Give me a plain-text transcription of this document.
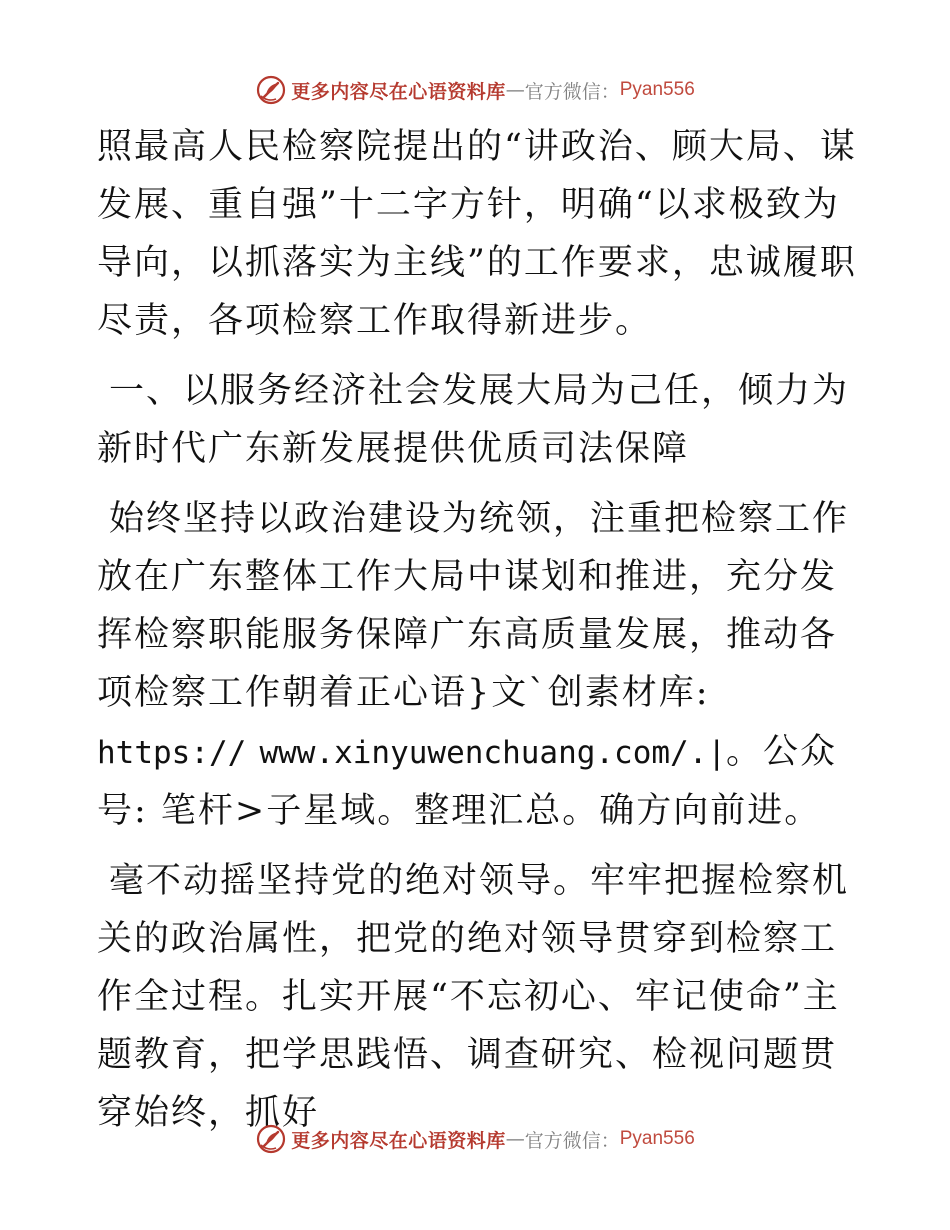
更多内容尽在心语资料库 — 官方微信： Pyan556

照最高人民检察院提出的“讲政治、顾大局、谋发展、重自强”十二字方针，明确“以求极致为导向，以抓落实为主线”的工作要求，忠诚履职尽责，各项检察工作取得新进步。

一、以服务经济社会发展大局为己任，倾力为新时代广东新发展提供优质司法保障

始终坚持以政治建设为统领，注重把检察工作放在广东整体工作大局中谋划和推进，充分发挥检察职能服务保障广东高质量发展，推动各项检察工作朝着正心语}文`创素材库: https:// www.xinyuwenchuang.com/.|。公众号: 笔杆>子星域。整理汇总。确方向前进。

毫不动摇坚持党的绝对领导。牢牢把握检察机关的政治属性，把党的绝对领导贯穿到检察工作全过程。扎实开展“不忘初心、牢记使命”主题教育，把学思践悟、调查研究、检视问题贯穿始终，抓好

更多内容尽在心语资料库 — 官方微信： Pyan556
